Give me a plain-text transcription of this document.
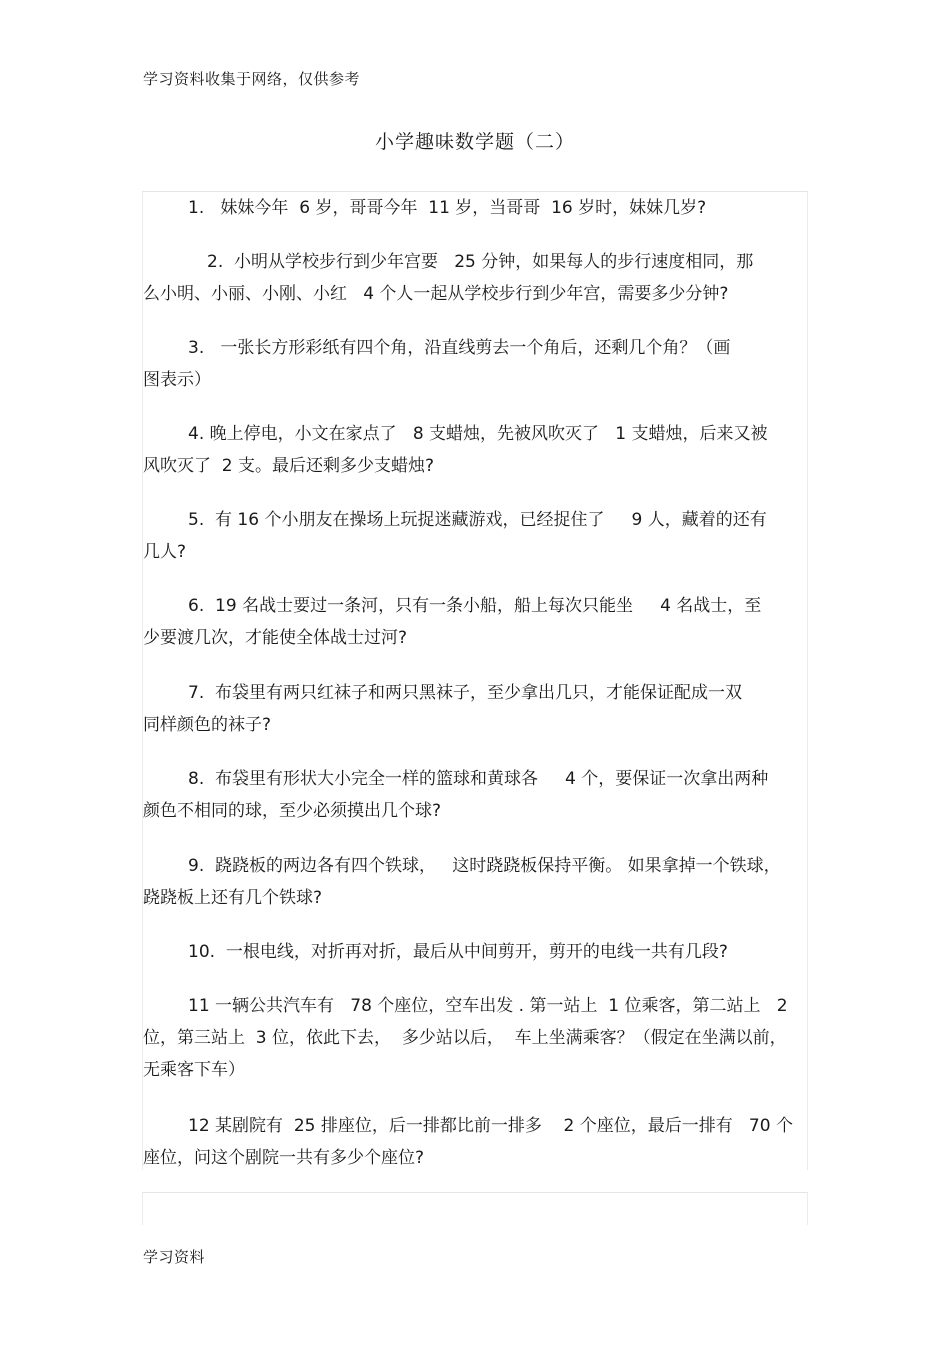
学习资料收集于网络，仅供参考
小学趣味数学题（二）
1.   妹妹今年  6 岁，哥哥今年  11 岁，当哥哥  16 岁时，妹妹几岁?
2.  小明从学校步行到少年宫要   25 分钟，如果每人的步行速度相同，那
么小明、小丽、小刚、小红   4 个人一起从学校步行到少年宫，需要多少分钟?
3.   一张长方形彩纸有四个角，沿直线剪去一个角后，还剩几个角？（画
图表示）
4. 晚上停电，小文在家点了   8 支蜡烛，先被风吹灭了   1 支蜡烛，后来又被
风吹灭了  2 支。最后还剩多少支蜡烛?
5.  有 16 个小朋友在操场上玩捉迷藏游戏，已经捉住了     9 人，藏着的还有
几人?
6.  19 名战士要过一条河，只有一条小船，船上每次只能坐     4 名战士，至
少要渡几次，才能使全体战士过河?
7.  布袋里有两只红袜子和两只黑袜子，至少拿出几只，才能保证配成一双
同样颜色的袜子?
8.  布袋里有形状大小完全一样的篮球和黄球各     4 个，要保证一次拿出两种
颜色不相同的球，至少必须摸出几个球?
9.  跷跷板的两边各有四个铁球，   这时跷跷板保持平衡。 如果拿掉一个铁球，
跷跷板上还有几个铁球?
10.  一根电线，对折再对折，最后从中间剪开，剪开的电线一共有几段?
11 一辆公共汽车有   78 个座位，空车出发 . 第一站上  1 位乘客，第二站上   2
位，第三站上  3 位，依此下去，  多少站以后，  车上坐满乘客？（假定在坐满以前，
无乘客下车）
12 某剧院有  25 排座位，后一排都比前一排多    2 个座位，最后一排有   70 个
座位，问这个剧院一共有多少个座位?
学习资料
